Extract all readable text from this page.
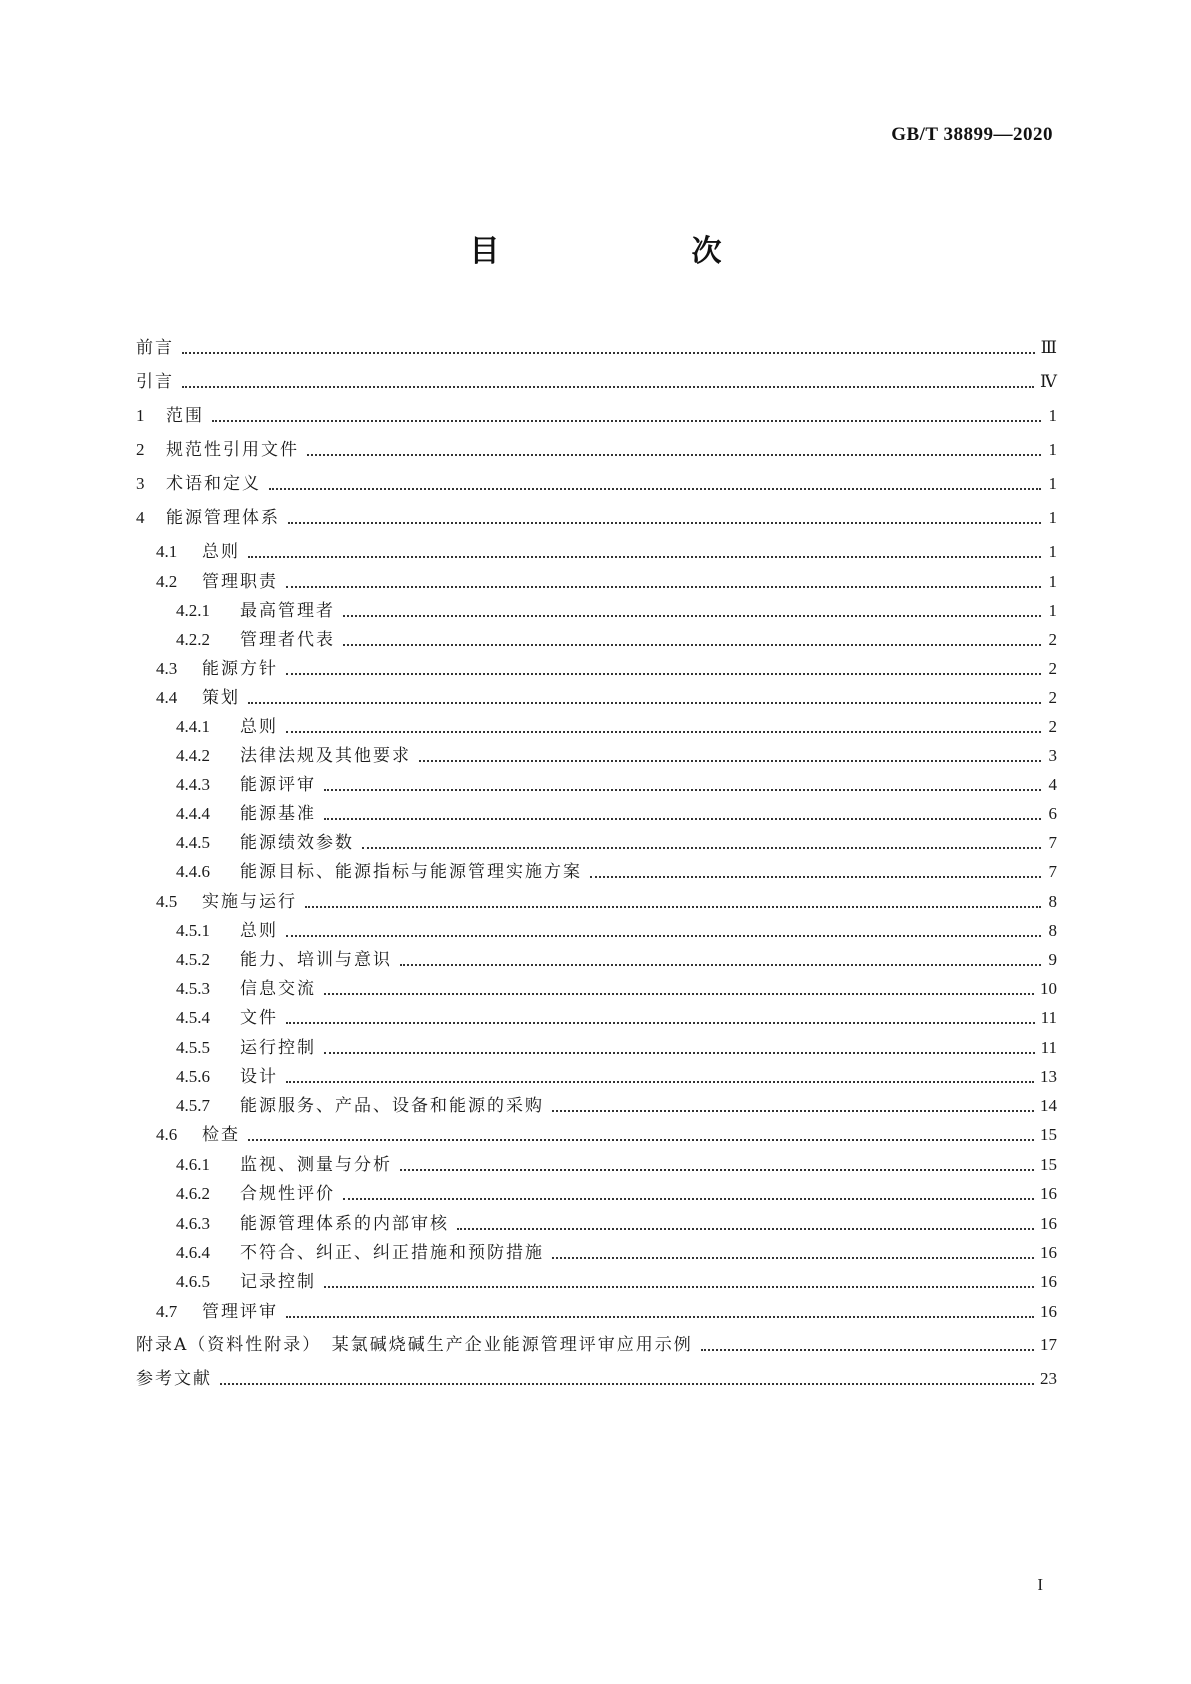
GB/T 38899—2020
目　　次
前言	Ⅲ
引言	Ⅳ
1	范围	1
2	规范性引用文件	1
3	术语和定义	1
4	能源管理体系	1
4.1	总则	1
4.2	管理职责	1
4.2.1	最高管理者	1
4.2.2	管理者代表	2
4.3	能源方针	2
4.4	策划	2
4.4.1	总则	2
4.4.2	法律法规及其他要求	3
4.4.3	能源评审	4
4.4.4	能源基准	6
4.4.5	能源绩效参数	7
4.4.6	能源目标、能源指标与能源管理实施方案	7
4.5	实施与运行	8
4.5.1	总则	8
4.5.2	能力、培训与意识	9
4.5.3	信息交流	10
4.5.4	文件	11
4.5.5	运行控制	11
4.5.6	设计	13
4.5.7	能源服务、产品、设备和能源的采购	14
4.6	检查	15
4.6.1	监视、测量与分析	15
4.6.2	合规性评价	16
4.6.3	能源管理体系的内部审核	16
4.6.4	不符合、纠正、纠正措施和预防措施	16
4.6.5	记录控制	16
4.7	管理评审	16
附录A（资料性附录）　某氯碱烧碱生产企业能源管理评审应用示例	17
参考文献	23
I
